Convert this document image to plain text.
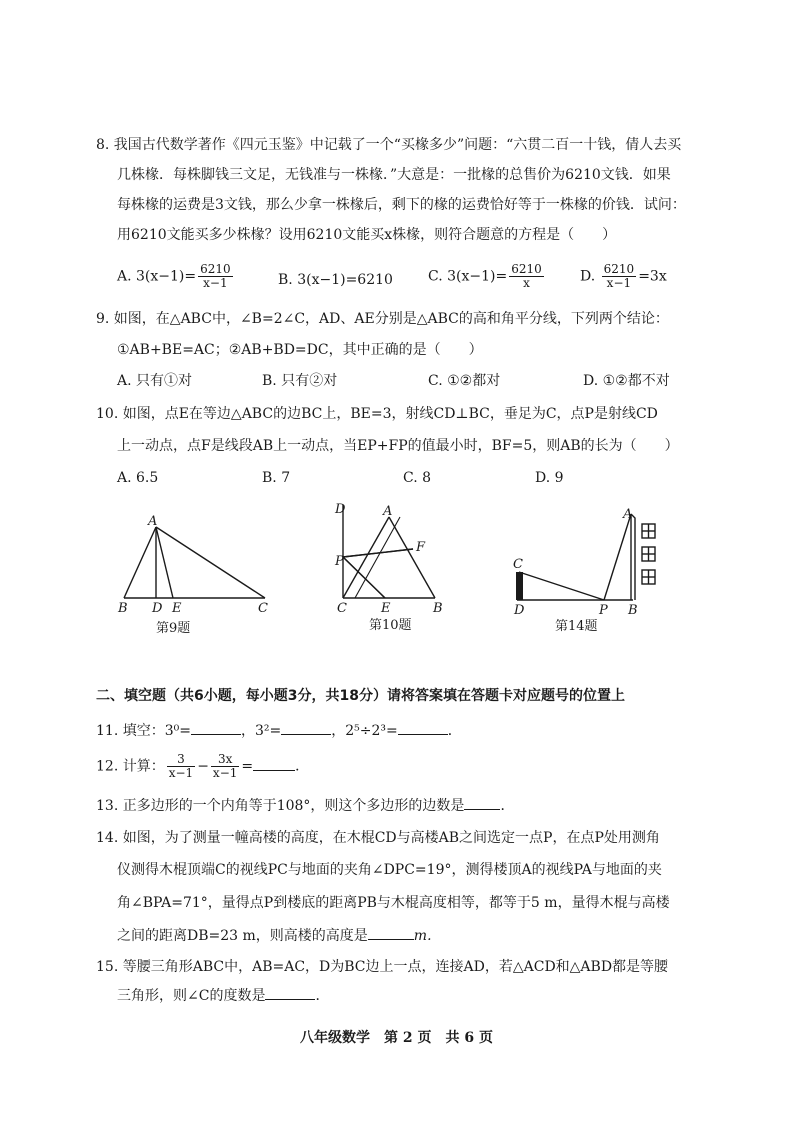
8. 我国古代数学著作《四元玉鉴》中记载了一个“买椽多少”问题：“六贯二百一十钱，倩人去买
几株椽．每株脚钱三文足，无钱准与一株椽．”大意是：一批椽的总售价为6210文钱．如果
每株椽的运费是3文钱，那么少拿一株椽后，剩下的椽的运费恰好等于一株椽的价钱．试问：
用6210文能买多少株椽？设用6210文能买x株椽，则符合题意的方程是（　　）
A. $3(x-1)= \frac{6210}{x-1}$	B. 3(x−1)=6210	C. $3(x-1)= \frac{6210}{x}$	D. $\frac{6210}{x-1} =3x$
9. 如图，在△ABC中，∠B=2∠C，AD、AE分别是△ABC的高和角平分线，下列两个结论：
①AB+BE=AC；②AB+BD=DC，其中正确的是（　　）
A. 只有①对	B. 只有②对	C. ①②都对	D. ①②都不对
10. 如图，点E在等边△ABC的边BC上，BE=3，射线CD⊥BC，垂足为C，点P是射线CD
上一动点，点F是线段AB上一动点，当EP+FP的值最小时，BF=5，则AB的长为（　　）
A. 6.5	B. 7	C. 8	D. 9
A
B D E	C
第9题
D	A
F
P
C	E	B
第10题
A
C
D	P B
第14题
二、填空题（共6小题，每小题3分，共18分）请将答案填在答题卡对应题号的位置上
11. 填空：3⁰=	，3²=	，2⁵÷2³=	．
12. 计算： $\frac{3}{x-1} - \frac{3x}{x-1}$ =	．
13. 正多边形的一个内角等于108°，则这个多边形的边数是	．
14. 如图，为了测量一幢高楼的高度，在木棍CD与高楼AB之间选定一点P，在点P处用测角
仪测得木棍顶端C的视线PC与地面的夹角∠DPC=19°，测得楼顶A的视线PA与地面的夹
角∠BPA=71°，量得点P到楼底的距离PB与木棍高度相等，都等于5 m，量得木棍与高楼
之间的距离DB=23 m，则高楼的高度是	m.
15. 等腰三角形ABC中，AB=AC，D为BC边上一点，连接AD，若△ACD和△ABD都是等腰
三角形，则∠C的度数是	．
八年级数学　第 2 页　共 6 页
